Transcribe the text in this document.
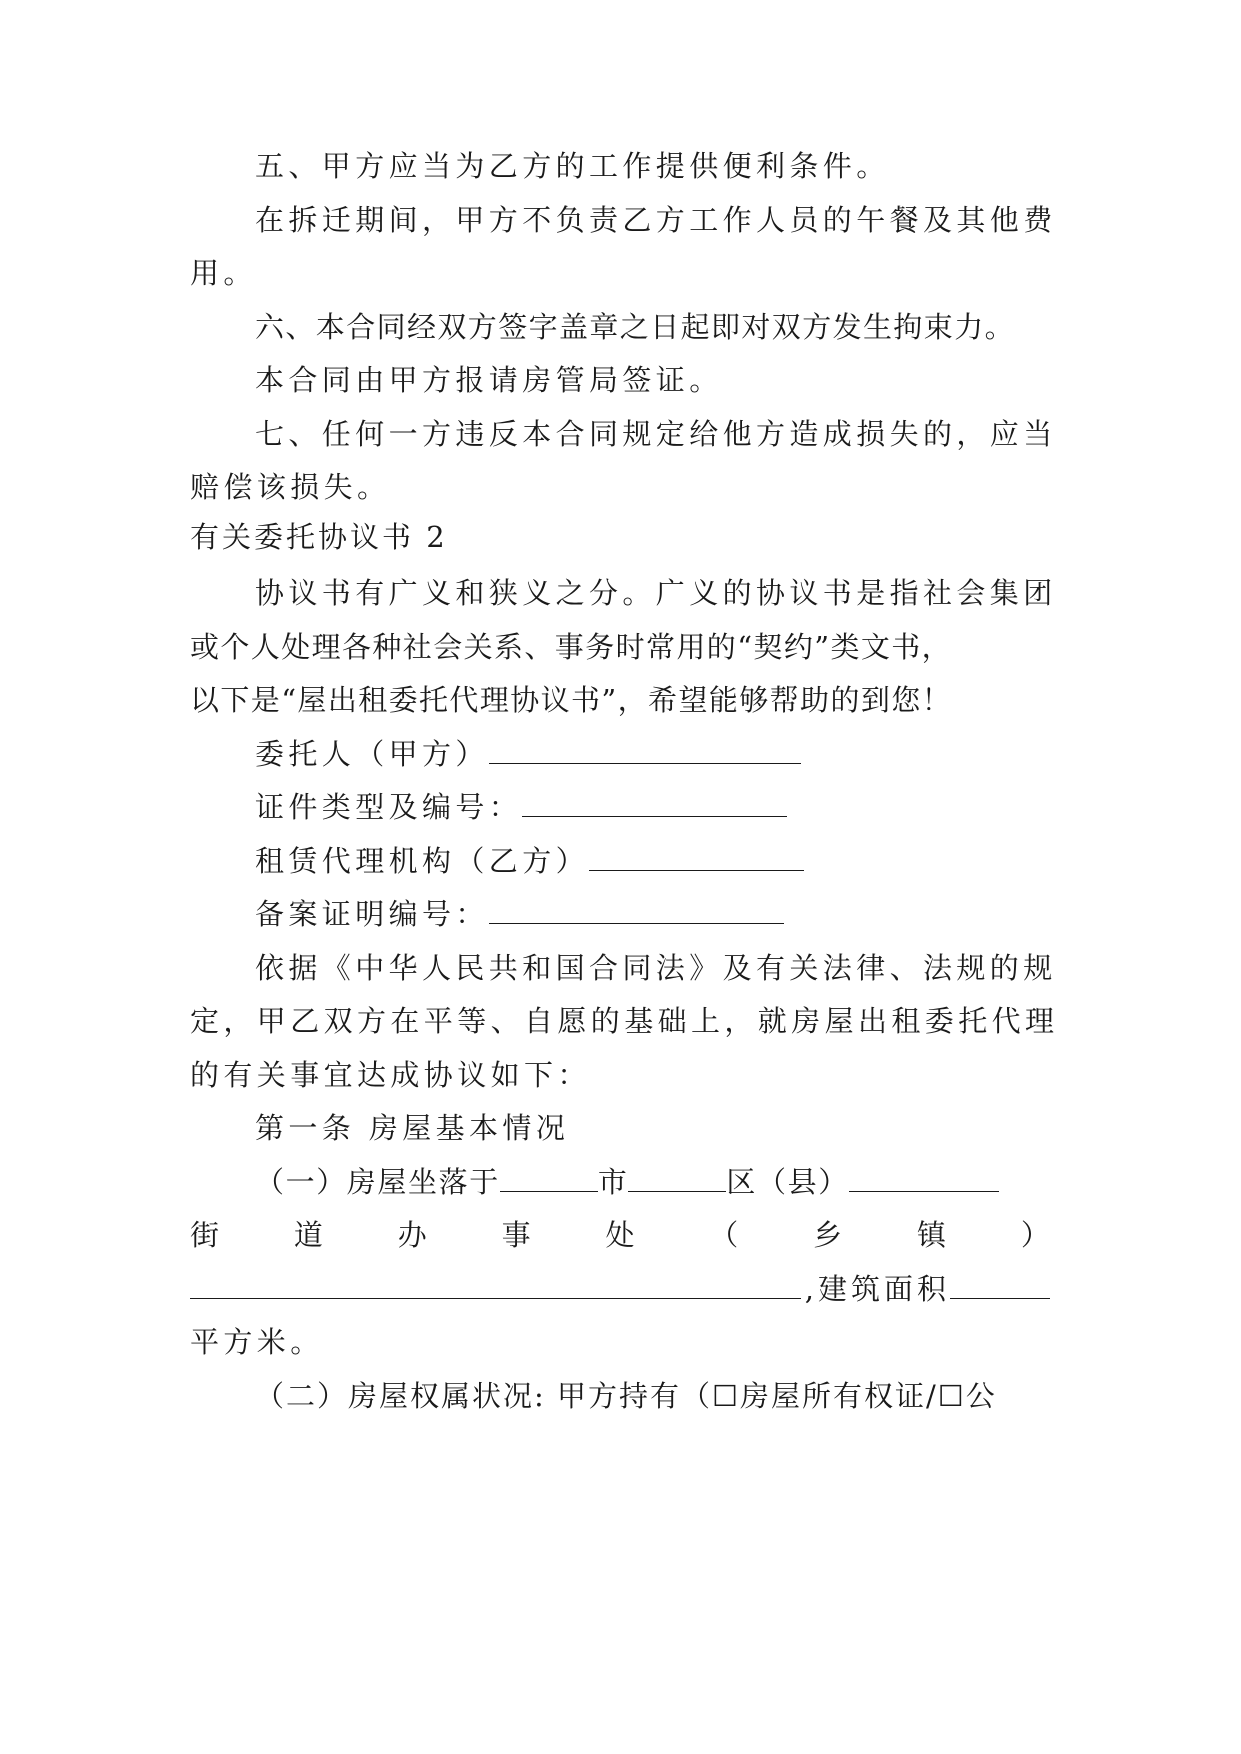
五、甲方应当为乙方的工作提供便利条件。
在拆迁期间，甲方不负责乙方工作人员的午餐及其他费
用。
六、本合同经双方签字盖章之日起即对双方发生拘束力。
本合同由甲方报请房管局签证。
七、任何一方违反本合同规定给他方造成损失的，应当
赔偿该损失。
有关委托协议书 2
协议书有广义和狭义之分。广义的协议书是指社会集团
或个人处理各种社会关系、事务时常用的“契约”类文书，
以下是“屋出租委托代理协议书”，希望能够帮助的到您！
委托人（甲方）
证件类型及编号：
租赁代理机构（乙方）
备案证明编号：
依据《中华人民共和国合同法》及有关法律、法规的规
定，甲乙双方在平等、自愿的基础上，就房屋出租委托代理
的有关事宜达成协议如下：
第一条 房屋基本情况
（一）房屋坐落于	市	区（县）
街	道	办	事	处	（	乡	镇	）
,建筑面积
平方米。
（二）房屋权属状况: 甲方持有（☐房屋所有权证/☐公
